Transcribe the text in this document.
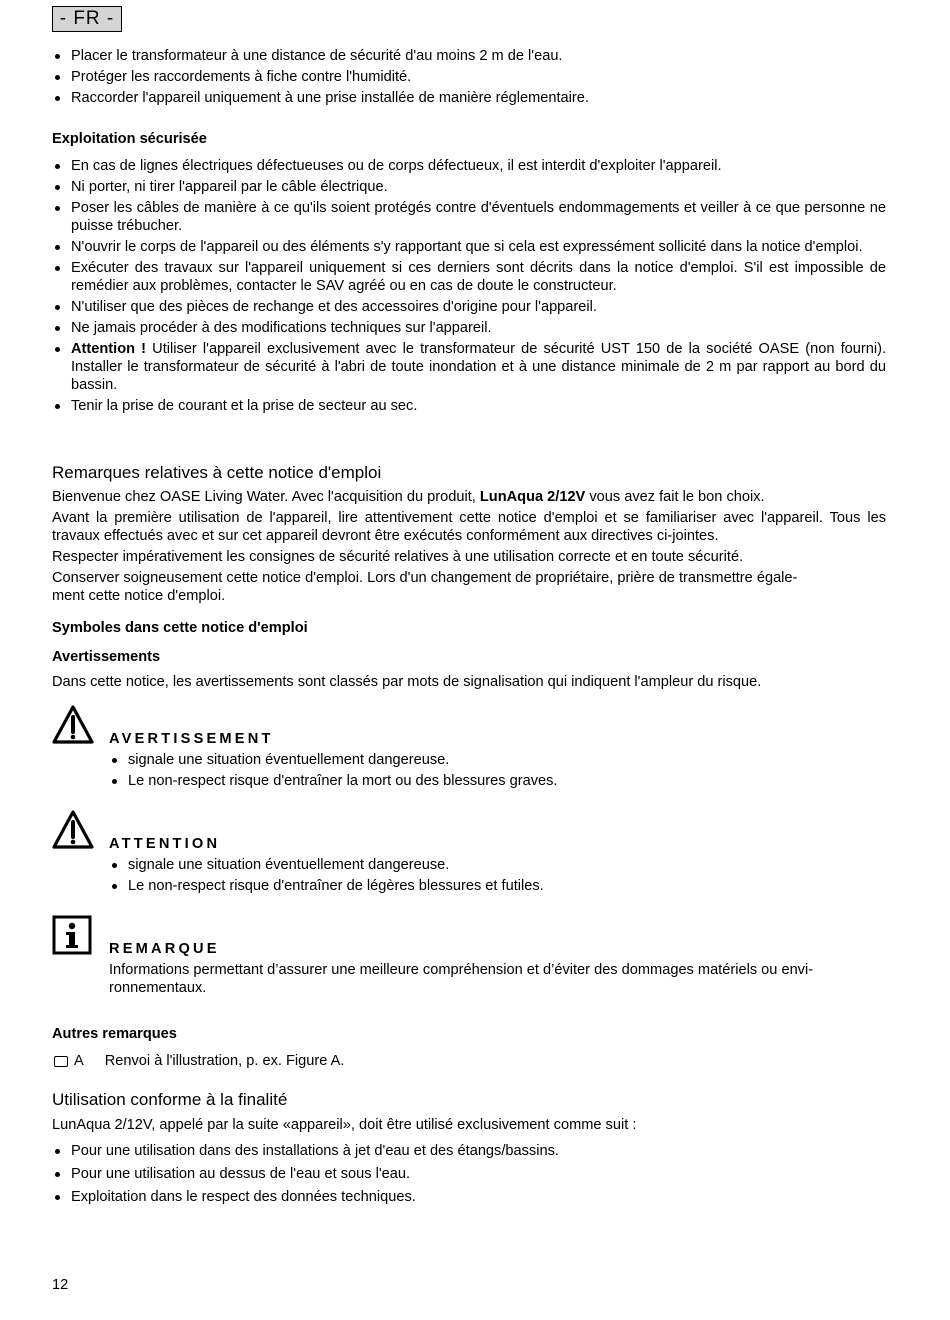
- FR -
Placer le transformateur à une distance de sécurité d'au moins 2 m de l'eau.
Protéger les raccordements à fiche contre l'humidité.
Raccorder l'appareil uniquement à une prise installée de manière réglementaire.
Exploitation sécurisée
En cas de lignes électriques défectueuses ou de corps défectueux, il est interdit d'exploiter l'appareil.
Ni porter, ni tirer l'appareil par le câble électrique.
Poser les câbles de manière à ce qu'ils soient protégés contre d'éventuels endommagements et veiller à ce que personne ne puisse trébucher.
N'ouvrir le corps de l'appareil ou des éléments s'y rapportant que si cela est expressément sollicité dans la notice d'emploi.
Exécuter des travaux sur l'appareil uniquement si ces derniers sont décrits dans la notice d'emploi. S'il est impossible de remédier aux problèmes, contacter le SAV agréé ou en cas de doute le constructeur.
N'utiliser que des pièces de rechange et des accessoires d'origine pour l'appareil.
Ne jamais procéder à des modifications techniques sur l'appareil.
Attention ! Utiliser l'appareil exclusivement avec le transformateur de sécurité UST 150 de la société OASE (non fourni). Installer le transformateur de sécurité à l'abri de toute inondation et à une distance minimale de 2 m par rapport au bord du bassin.
Tenir la prise de courant et la prise de secteur au sec.
Remarques relatives à cette notice d'emploi

Bienvenue chez OASE Living Water. Avec l'acquisition du produit, LunAqua 2/12V vous avez fait le bon choix.

Avant la première utilisation de l'appareil, lire attentivement cette notice d'emploi et se familiariser avec l'appareil. Tous les travaux effectués avec et sur cet appareil devront être exécutés conformément aux directives ci-jointes.

Respecter impérativement les consignes de sécurité relatives à une utilisation correcte et en toute sécurité.

Conserver soigneusement cette notice d'emploi. Lors d'un changement de propriétaire, prière de transmettre égale-
ment cette notice d'emploi.

Symboles dans cette notice d'emploi
Avertissements

Dans cette notice, les avertissements sont classés par mots de signalisation qui indiquent l'ampleur du risque.

AVERTISSEMENT
signale une situation éventuellement dangereuse.
Le non-respect risque d'entraîner la mort ou des blessures graves.
ATTENTION
signale une situation éventuellement dangereuse.
Le non-respect risque d'entraîner de légères blessures et futiles.
REMARQUE

Informations permettant d’assurer une meilleure compréhension et d’éviter des dommages matériels ou envi-
ronnementaux.

Autres remarques
A Renvoi à l'illustration, p. ex. Figure A.
Utilisation conforme à la finalité

LunAqua 2/12V, appelé par la suite «appareil», doit être utilisé exclusivement comme suit :

Pour une utilisation dans des installations à jet d'eau et des étangs/bassins.
Pour une utilisation au dessus de l'eau et sous l'eau.
Exploitation dans le respect des données techniques.
12
